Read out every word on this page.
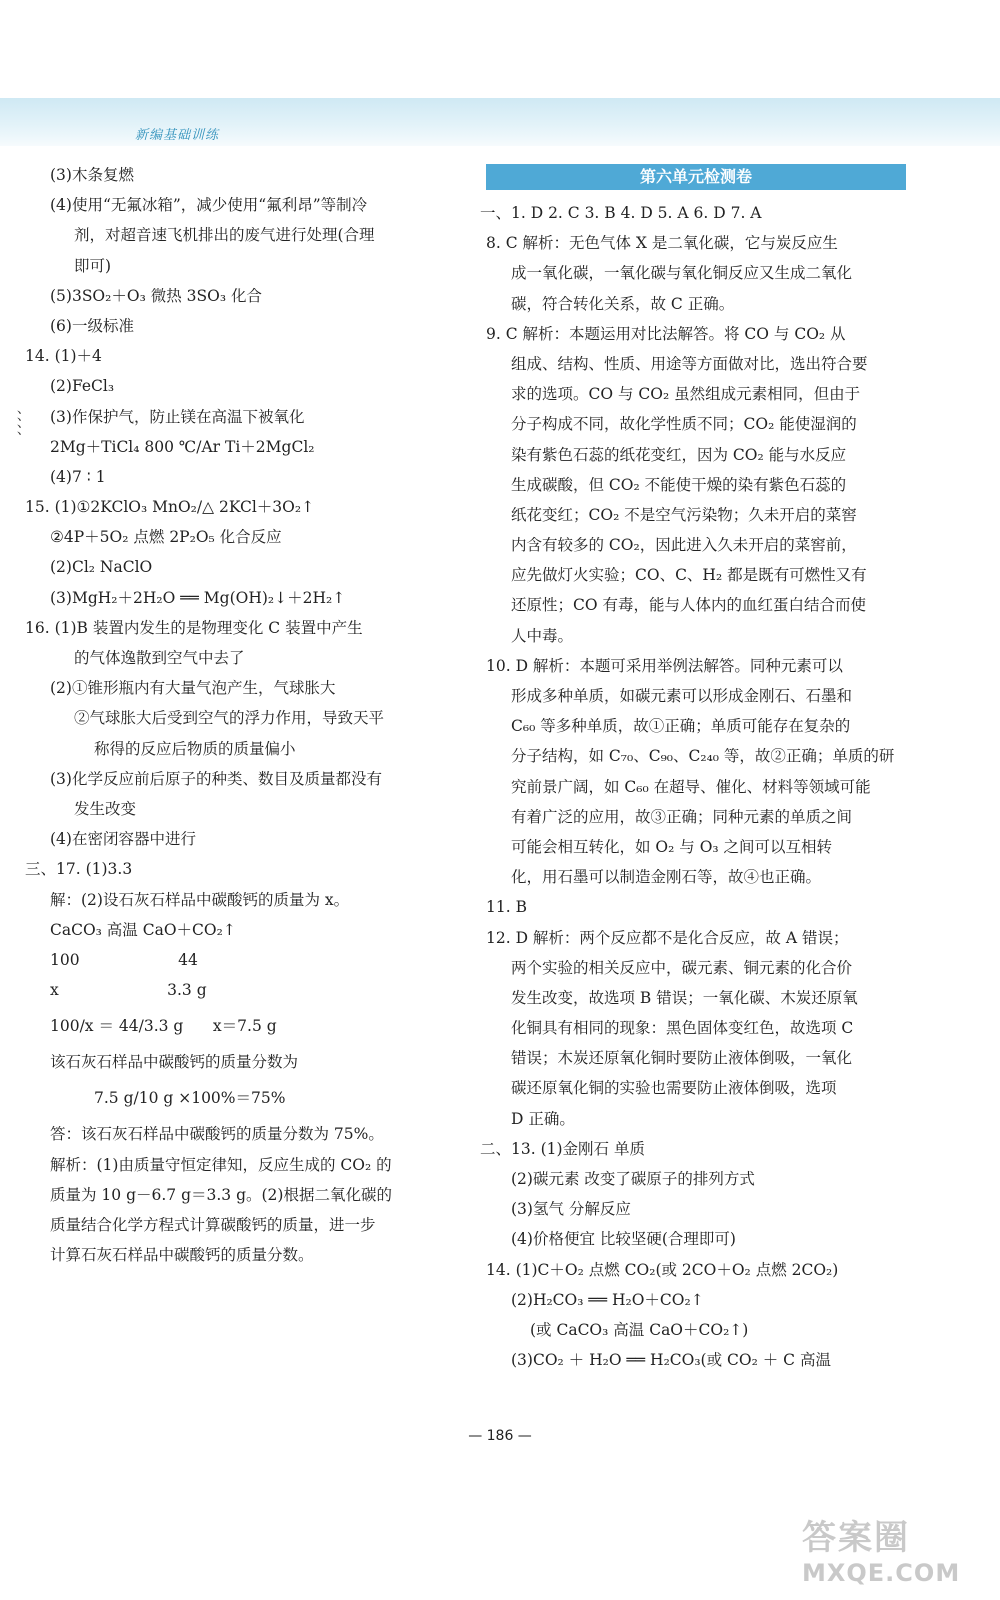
新编基础训练
、、、、
(3)木条复燃
(4)使用“无氟冰箱”，减少使用“氟利昂”等制冷
剂，对超音速飞机排出的废气进行处理(合理
即可)
(5)3SO₂＋O₃ 微热 3SO₃ 化合
(6)一级标准
14. (1)＋4
(2)FeCl₃
(3)作保护气，防止镁在高温下被氧化
2Mg＋TiCl₄ 800 ℃/Ar Ti＋2MgCl₂
(4)7 ∶ 1
15. (1)①2KClO₃ MnO₂/△ 2KCl＋3O₂↑
②4P＋5O₂ 点燃 2P₂O₅ 化合反应
(2)Cl₂ NaClO
(3)MgH₂＋2H₂O ══ Mg(OH)₂↓＋2H₂↑
16. (1)B 装置内发生的是物理变化 C 装置中产生
的气体逸散到空气中去了
(2)①锥形瓶内有大量气泡产生，气球胀大
②气球胀大后受到空气的浮力作用，导致天平
称得的反应后物质的质量偏小
(3)化学反应前后原子的种类、数目及质量都没有
发生改变
(4)在密闭容器中进行
三、17. (1)3.3
解：(2)设石灰石样品中碳酸钙的质量为 x。
CaCO₃ 高温 CaO＋CO₂↑
100                    44
x                      3.3 g
100/x ＝ 44/3.3 g      x＝7.5 g
该石灰石样品中碳酸钙的质量分数为
7.5 g/10 g ×100%＝75%
答：该石灰石样品中碳酸钙的质量分数为 75%。
解析：(1)由质量守恒定律知，反应生成的 CO₂ 的
质量为 10 g－6.7 g＝3.3 g。(2)根据二氧化碳的
质量结合化学方程式计算碳酸钙的质量，进一步
计算石灰石样品中碳酸钙的质量分数。
第六单元检测卷
一、1. D 2. C 3. B 4. D 5. A 6. D 7. A
8. C 解析：无色气体 X 是二氧化碳，它与炭反应生
成一氧化碳，一氧化碳与氧化铜反应又生成二氧化
碳，符合转化关系，故 C 正确。
9. C 解析：本题运用对比法解答。将 CO 与 CO₂ 从
组成、结构、性质、用途等方面做对比，选出符合要
求的选项。CO 与 CO₂ 虽然组成元素相同，但由于
分子构成不同，故化学性质不同；CO₂ 能使湿润的
染有紫色石蕊的纸花变红，因为 CO₂ 能与水反应
生成碳酸，但 CO₂ 不能使干燥的染有紫色石蕊的
纸花变红；CO₂ 不是空气污染物；久未开启的菜窖
内含有较多的 CO₂，因此进入久未开启的菜窖前，
应先做灯火实验；CO、C、H₂ 都是既有可燃性又有
还原性；CO 有毒，能与人体内的血红蛋白结合而使
人中毒。
10. D 解析：本题可采用举例法解答。同种元素可以
形成多种单质，如碳元素可以形成金刚石、石墨和
C₆₀ 等多种单质，故①正确；单质可能存在复杂的
分子结构，如 C₇₀、C₉₀、C₂₄₀ 等，故②正确；单质的研
究前景广阔，如 C₆₀ 在超导、催化、材料等领域可能
有着广泛的应用，故③正确；同种元素的单质之间
可能会相互转化，如 O₂ 与 O₃ 之间可以互相转
化，用石墨可以制造金刚石等，故④也正确。
11. B
12. D 解析：两个反应都不是化合反应，故 A 错误；
两个实验的相关反应中，碳元素、铜元素的化合价
发生改变，故选项 B 错误；一氧化碳、木炭还原氧
化铜具有相同的现象：黑色固体变红色，故选项 C
错误；木炭还原氧化铜时要防止液体倒吸，一氧化
碳还原氧化铜的实验也需要防止液体倒吸，选项
D 正确。
二、13. (1)金刚石 单质
(2)碳元素 改变了碳原子的排列方式
(3)氢气 分解反应
(4)价格便宜 比较坚硬(合理即可)
14. (1)C＋O₂ 点燃 CO₂(或 2CO＋O₂ 点燃 2CO₂)
(2)H₂CO₃ ══ H₂O＋CO₂↑
(或 CaCO₃ 高温 CaO＋CO₂↑)
(3)CO₂ ＋ H₂O ══ H₂CO₃(或 CO₂ ＋ C 高温
— 186 —
答案圈
MXQE.COM
